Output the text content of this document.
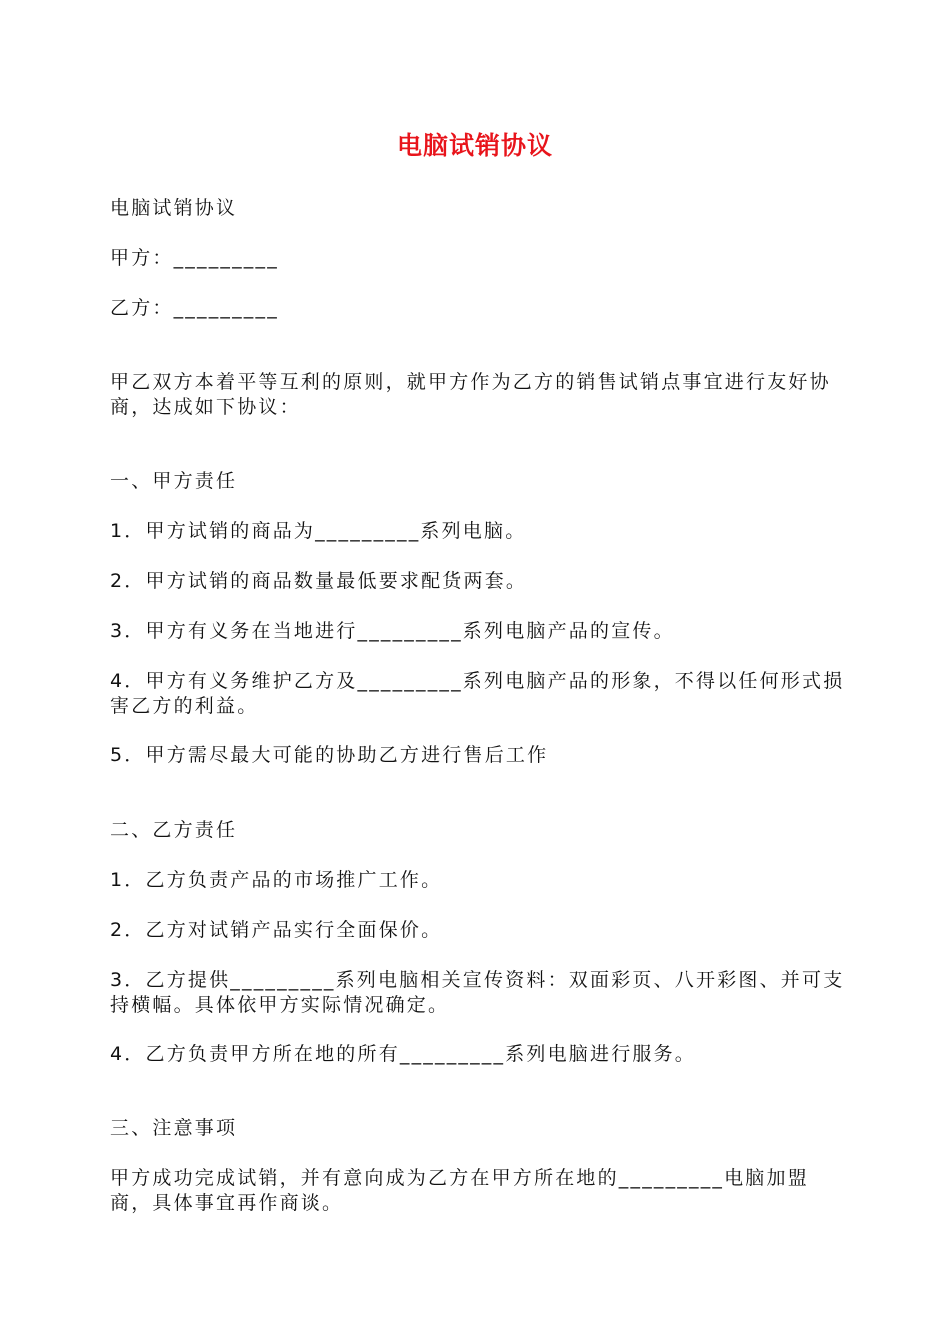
电脑试销协议
电脑试销协议
甲方：_________
乙方：_________
甲乙双方本着平等互利的原则，就甲方作为乙方的销售试销点事宜进行友好协商，达成如下协议：
一、甲方责任
1．甲方试销的商品为_________系列电脑。
2．甲方试销的商品数量最低要求配货两套。
3．甲方有义务在当地进行_________系列电脑产品的宣传。
4．甲方有义务维护乙方及_________系列电脑产品的形象，不得以任何形式损害乙方的利益。
5．甲方需尽最大可能的协助乙方进行售后工作
二、乙方责任
1．乙方负责产品的市场推广工作。
2．乙方对试销产品实行全面保价。
3．乙方提供_________系列电脑相关宣传资料：双面彩页、八开彩图、并可支持横幅。具体依甲方实际情况确定。
4．乙方负责甲方所在地的所有_________系列电脑进行服务。
三、注意事项
甲方成功完成试销，并有意向成为乙方在甲方所在地的_________电脑加盟商，具体事宜再作商谈。
